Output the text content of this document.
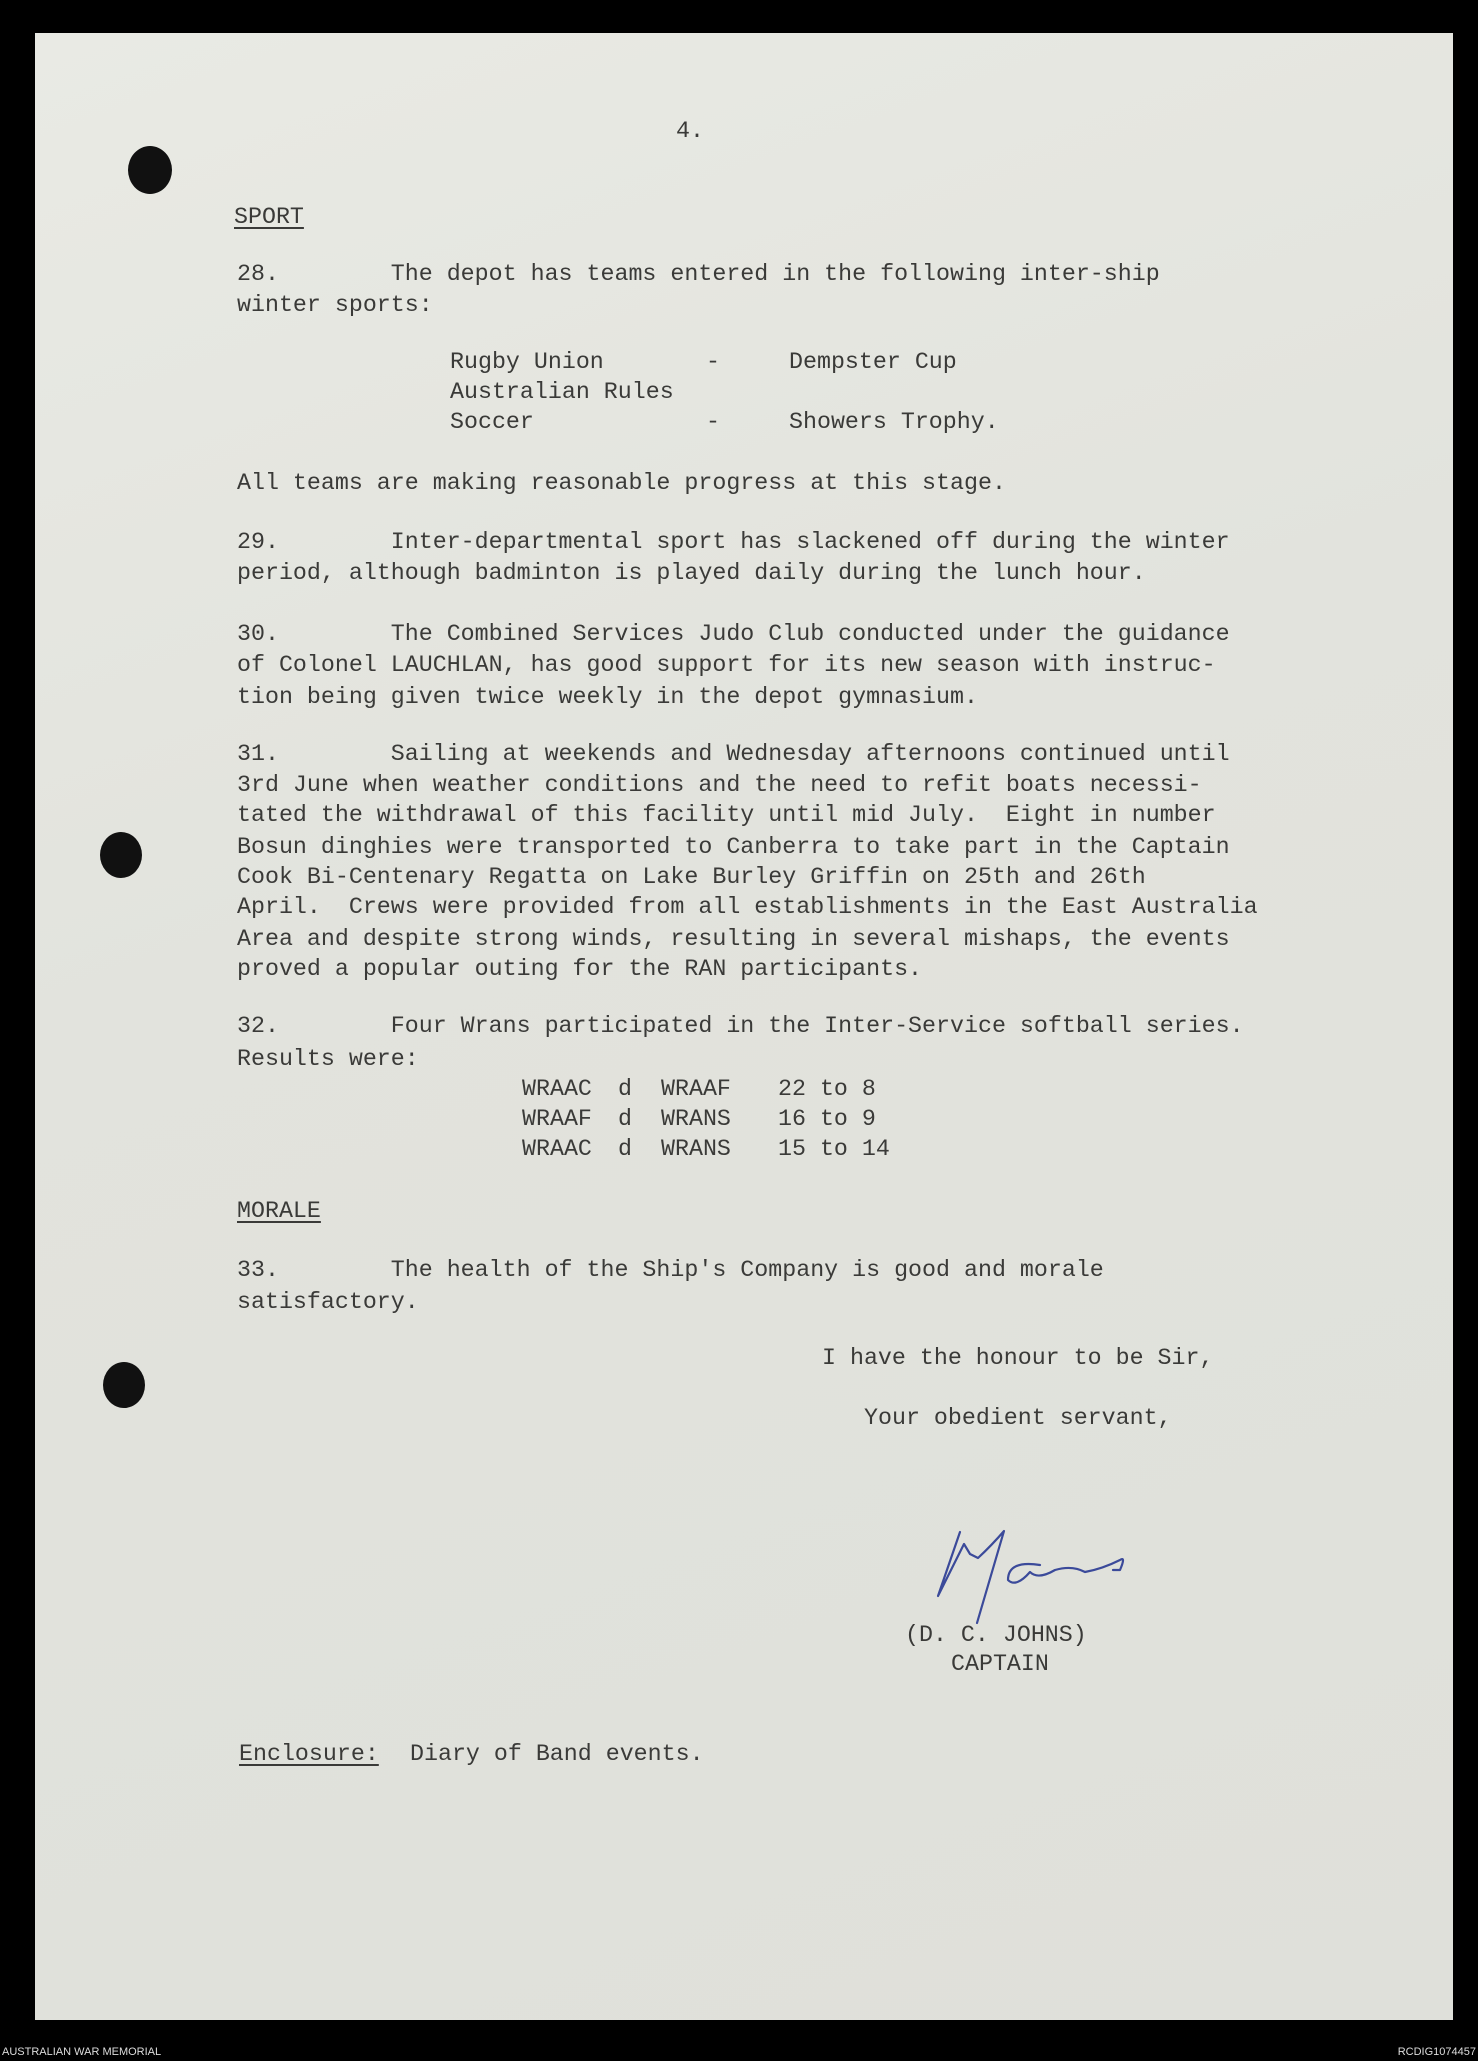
4.
SPORT
28.        The depot has teams entered in the following inter-ship
winter sports:
Rugby Union	-	Dempster Cup
Australian Rules
Soccer	-	Showers Trophy.
All teams are making reasonable progress at this stage.
29.        Inter-departmental sport has slackened off during the winter
period, although badminton is played daily during the lunch hour.
30.        The Combined Services Judo Club conducted under the guidance
of Colonel LAUCHLAN, has good support for its new season with instruc-
tion being given twice weekly in the depot gymnasium.
31.        Sailing at weekends and Wednesday afternoons continued until
3rd June when weather conditions and the need to refit boats necessi-
tated the withdrawal of this facility until mid July.  Eight in number
Bosun dinghies were transported to Canberra to take part in the Captain
Cook Bi-Centenary Regatta on Lake Burley Griffin on 25th and 26th
April.  Crews were provided from all establishments in the East Australia
Area and despite strong winds, resulting in several mishaps, the events
proved a popular outing for the RAN participants.
32.        Four Wrans participated in the Inter-Service softball series.
Results were:
WRAAC d WRAAF 22 to 8
WRAAF d WRANS 16 to 9
WRAAC d WRANS 15 to 14
MORALE
33.        The health of the Ship's Company is good and morale
satisfactory.
I have the honour to be Sir,
Your obedient servant,
(D. C. JOHNS)
CAPTAIN
Enclosure: Diary of Band events.
AUSTRALIAN WAR MEMORIAL	RCDIG1074457
